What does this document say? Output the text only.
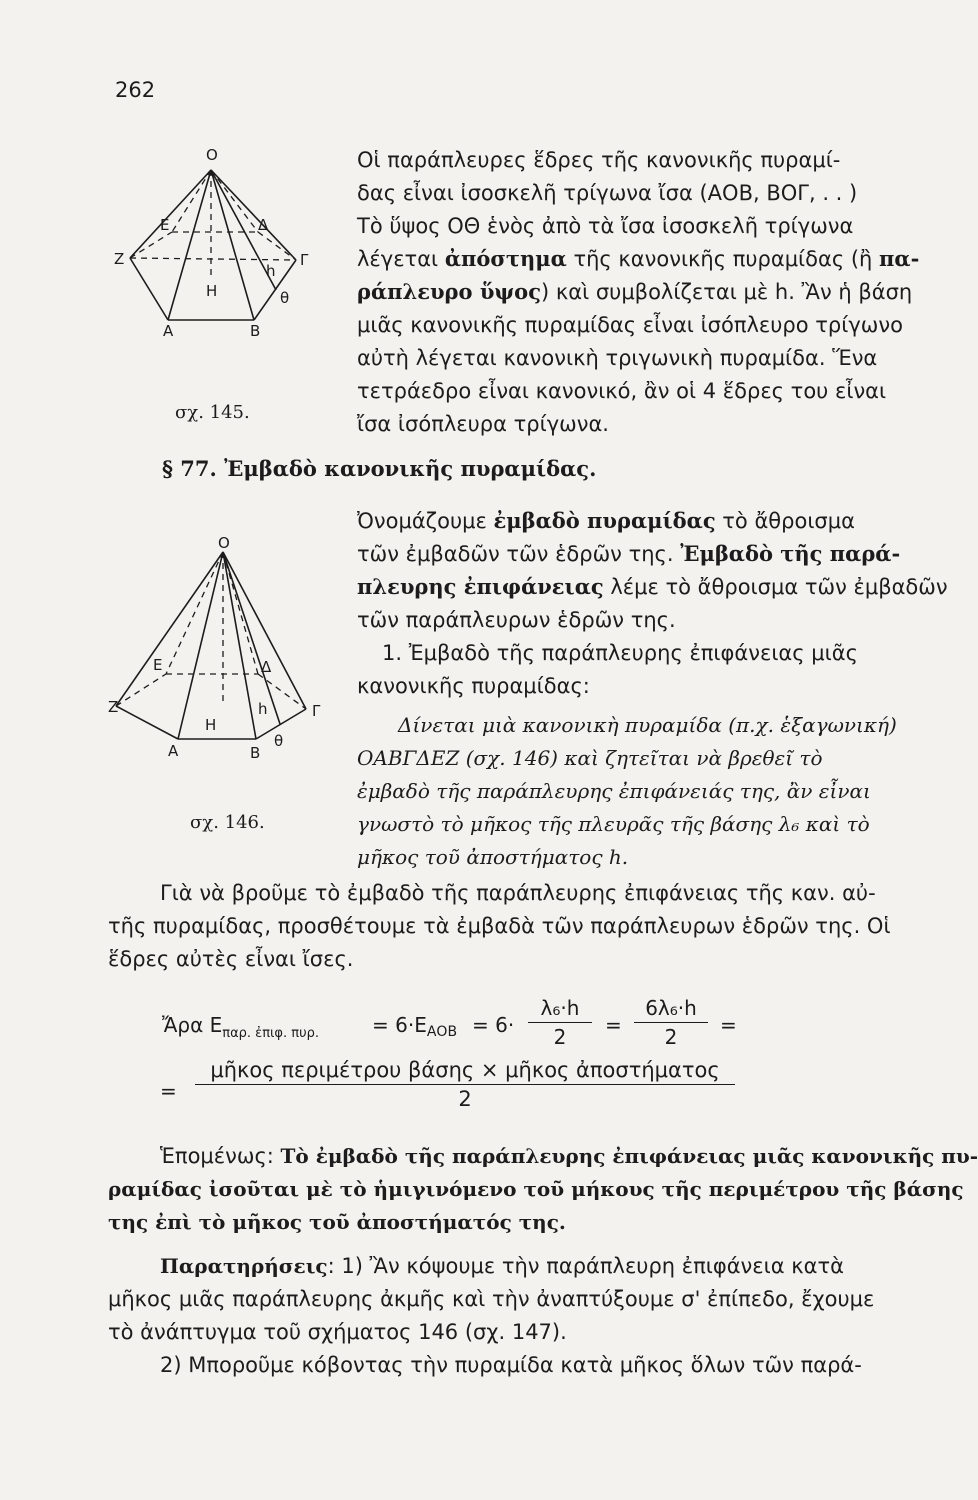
262
Ο
Α	Β
Γ
Δ
Ε
Ζ
Η	θ
h
σχ. 145.
Οἱ παράπλευρες ἕδρες τῆς κανονικῆς πυραμί-
δας εἶναι ἰσοσκελῆ τρίγωνα ἴσα (ΑΟΒ, ΒΟΓ, . . )
Τὸ ὕψος ΟΘ ἑνὸς ἀπὸ τὰ ἴσα ἰσοσκελῆ τρίγωνα
λέγεται ἀπόστημα τῆς κανονικῆς πυραμίδας (ἢ πα-
ράπλευρο ὕψος) καὶ συμβολίζεται μὲ h. Ἂν ἡ βάση
μιᾶς κανονικῆς πυραμίδας εἶναι ἰσόπλευρο τρίγωνο
αὐτὴ λέγεται κανονικὴ τριγωνικὴ πυραμίδα. Ἕνα
τετράεδρο εἶναι κανονικό, ἂν οἱ 4 ἕδρες του εἶναι
ἴσα ἰσόπλευρα τρίγωνα.
§ 77. Ἐμβαδὸ κανονικῆς πυραμίδας.
Ο
Α	Β
Γ
Δ
Ε
Ζ
Η
θ
h
σχ. 146.
Ὀνομάζουμε ἐμβαδὸ πυραμίδας τὸ ἄθροισμα
τῶν ἐμβαδῶν τῶν ἑδρῶν της. Ἐμβαδὸ τῆς παρά-
πλευρης ἐπιφάνειας λέμε τὸ ἄθροισμα τῶν ἐμβαδῶν
τῶν παράπλευρων ἑδρῶν της.
1. Ἐμβαδὸ τῆς παράπλευρης ἐπιφάνειας μιᾶς
κανονικῆς πυραμίδας:
Δίνεται μιὰ κανονικὴ πυραμίδα (π.χ. ἑξαγωνική)
ΟΑΒΓΔΕΖ (σχ. 146) καὶ ζητεῖται νὰ βρεθεῖ τὸ
ἐμβαδὸ τῆς παράπλευρης ἐπιφάνειάς της, ἂν εἶναι
γνωστὸ τὸ μῆκος τῆς πλευρᾶς τῆς βάσης λ₆ καὶ τὸ
μῆκος τοῦ ἀποστήματος h.
Γιὰ νὰ βροῦμε τὸ ἐμβαδὸ τῆς παράπλευρης ἐπιφάνειας τῆς καν. αὐ-
τῆς πυραμίδας, προσθέτουμε τὰ ἐμβαδὰ τῶν παράπλευρων ἑδρῶν της. Οἱ
ἕδρες αὐτὲς εἶναι ἴσες.
Ἄρα $E_{\pi\alpha\rho. ἐ\pi\iota\varphi. \pi\upsilon\rho.}$	= $6\cdot E_{AOB} = 6\cdot \frac{\text{λ₆·h}}{2} = \frac{\text{6λ₆·h}}{2}$ =
=
μῆκος περιμέτρου βάσης × μῆκος ἀποστήματος
2
Ἑπομένως: Τὸ ἐμβαδὸ τῆς παράπλευρης ἐπιφάνειας μιᾶς κανονικῆς πυ-
ραμίδας ἰσοῦται μὲ τὸ ἡμιγινόμενο τοῦ μήκους τῆς περιμέτρου τῆς βάσης
της ἐπὶ τὸ μῆκος τοῦ ἀποστήματός της.
Παρατηρήσεις: 1) Ἂν κόψουμε τὴν παράπλευρη ἐπιφάνεια κατὰ
μῆκος μιᾶς παράπλευρης ἀκμῆς καὶ τὴν ἀναπτύξουμε σ' ἐπίπεδο, ἔχουμε
τὸ ἀνάπτυγμα τοῦ σχήματος 146 (σχ. 147).
2) Μποροῦμε κόβοντας τὴν πυραμίδα κατὰ μῆκος ὅλων τῶν παρά-
